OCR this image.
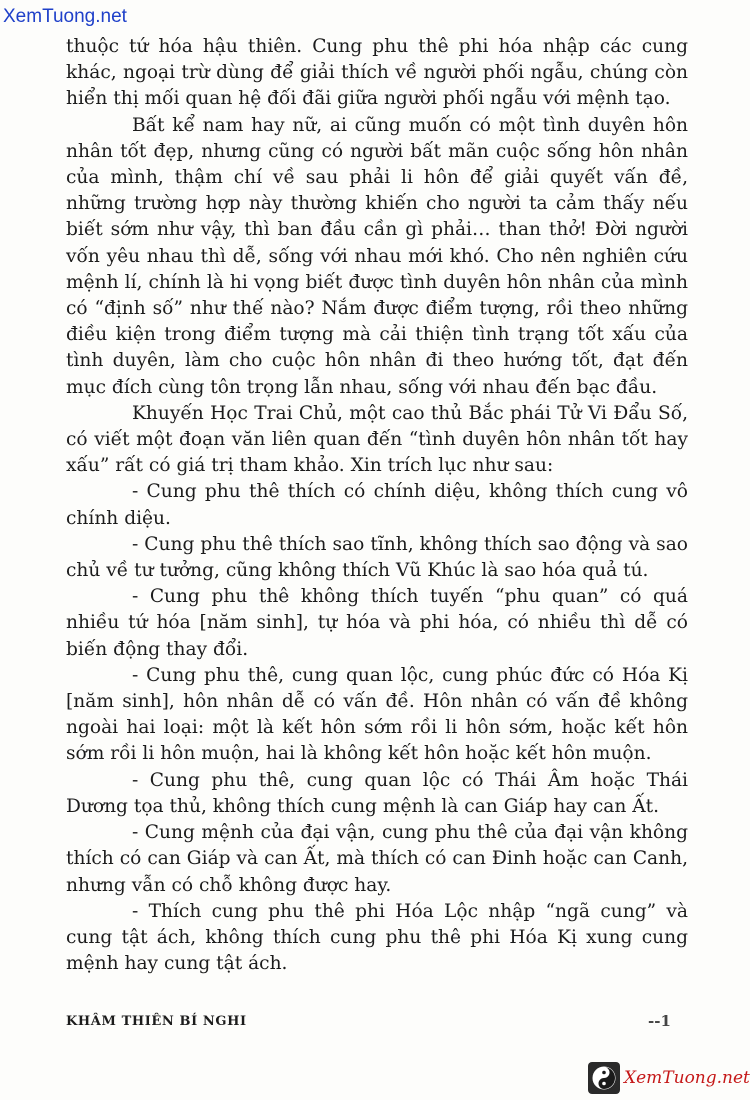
XemTuong.net

thuộc tứ hóa hậu thiên. Cung phu thê phi hóa nhập các cung khác, ngoại trừ dùng để giải thích về người phối ngẫu, chúng còn hiển thị mối quan hệ đối đãi giữa người phối ngẫu với mệnh tạo.

Bất kể nam hay nữ, ai cũng muốn có một tình duyên hôn nhân tốt đẹp, nhưng cũng có người bất mãn cuộc sống hôn nhân của mình, thậm chí về sau phải li hôn để giải quyết vấn đề, những trường hợp này thường khiến cho người ta cảm thấy nếu biết sớm như vậy, thì ban đầu cần gì phải… than thở! Đời người vốn yêu nhau thì dễ, sống với nhau mới khó. Cho nên nghiên cứu mệnh lí, chính là hi vọng biết được tình duyên hôn nhân của mình có “định số” như thế nào? Nắm được điểm tượng, rồi theo những điều kiện trong điểm tượng mà cải thiện tình trạng tốt xấu của tình duyên, làm cho cuộc hôn nhân đi theo hướng tốt, đạt đến mục đích cùng tôn trọng lẫn nhau, sống với nhau đến bạc đầu.

Khuyến Học Trai Chủ, một cao thủ Bắc phái Tử Vi Đẩu Số, có viết một đoạn văn liên quan đến “tình duyên hôn nhân tốt hay xấu” rất có giá trị tham khảo. Xin trích lục như sau:

- Cung phu thê thích có chính diệu, không thích cung vô chính diệu.

- Cung phu thê thích sao tĩnh, không thích sao động và sao chủ về tư tưởng, cũng không thích Vũ Khúc là sao hóa quả tú.

- Cung phu thê không thích tuyến “phu quan” có quá nhiều tứ hóa [năm sinh], tự hóa và phi hóa, có nhiều thì dễ có biến động thay đổi.

- Cung phu thê, cung quan lộc, cung phúc đức có Hóa Kị [năm sinh], hôn nhân dễ có vấn đề. Hôn nhân có vấn đề không ngoài hai loại: một là kết hôn sớm rồi li hôn sớm, hoặc kết hôn sớm rồi li hôn muộn, hai là không kết hôn hoặc kết hôn muộn.

- Cung phu thê, cung quan lộc có Thái Âm hoặc Thái Dương tọa thủ, không thích cung mệnh là can Giáp hay can Ất.

- Cung mệnh của đại vận, cung phu thê của đại vận không thích có can Giáp và can Ất, mà thích có can Đinh hoặc can Canh, nhưng vẫn có chỗ không được hay.

- Thích cung phu thê phi Hóa Lộc nhập “ngã cung” và cung tật ách, không thích cung phu thê phi Hóa Kị xung cung mệnh hay cung tật ách.

KHÂM THIÊN BÍ NGHI	--1
XemTuong.net
